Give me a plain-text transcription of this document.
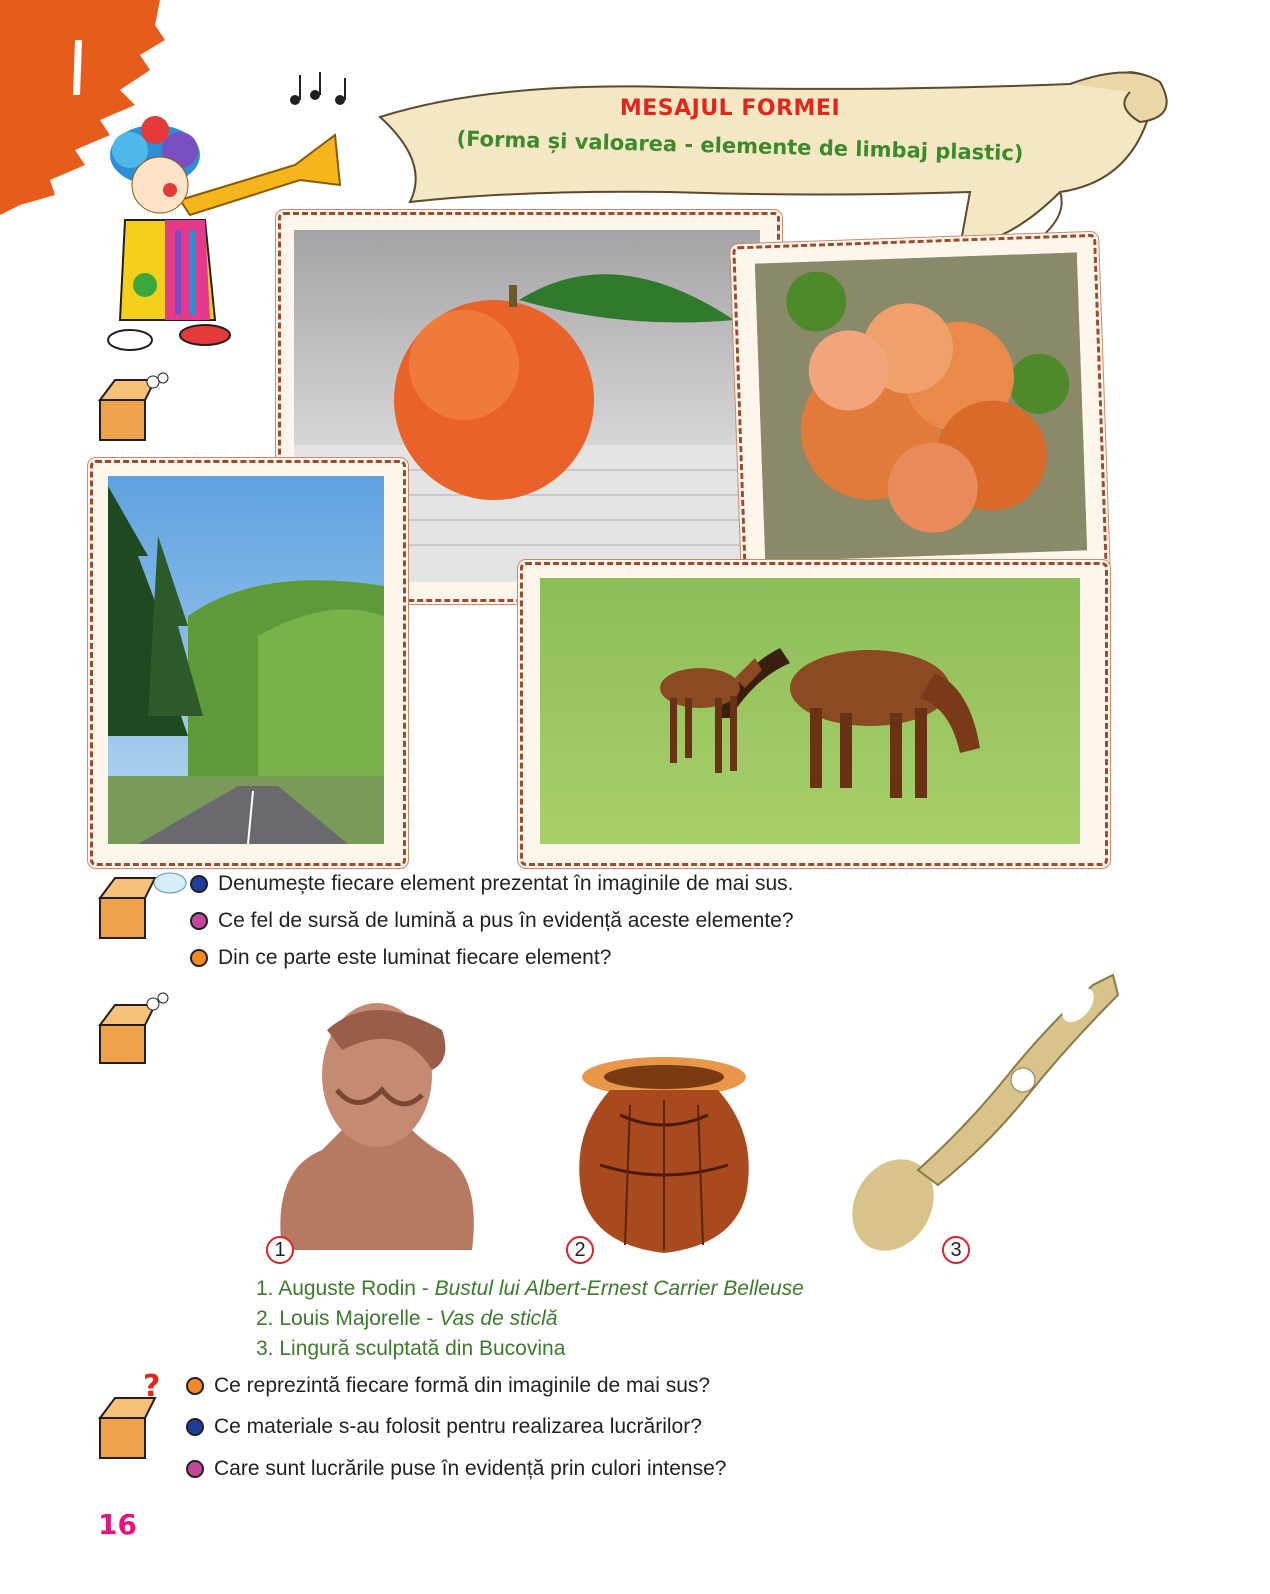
MESAJUL FORMEI
(Forma și valoarea - elemente de limbaj plastic)
?
Denumește fiecare element prezentat în imaginile de mai sus.
Ce fel de sursă de lumină a pus în evidență aceste elemente?
Din ce parte este luminat fiecare element?
1	2	3
1. Auguste Rodin - Bustul lui Albert-Ernest Carrier Belleuse
2. Louis Majorelle - Vas de sticlă
3. Lingură sculptată din Bucovina
Ce reprezintă fiecare formă din imaginile de mai sus?
Ce materiale s-au folosit pentru realizarea lucrărilor?
Care sunt lucrările puse în evidență prin culori intense?
16
